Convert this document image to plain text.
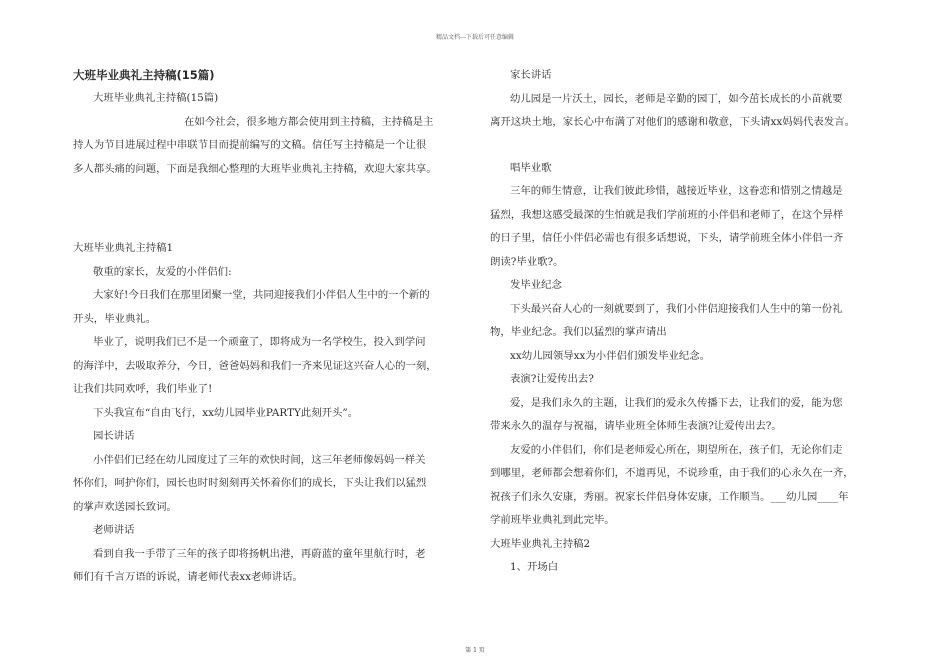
精品文档---下载后可任意编辑

大班毕业典礼主持稿(15篇)

大班毕业典礼主持稿(15篇)

在如今社会，很多地方都会使用到主持稿，主持稿是主

持人为节目进展过程中串联节目而提前编写的文稿。信任写主持稿是一个让很

多人都头痛的问题，下面是我细心整理的大班毕业典礼主持稿，欢迎大家共享。

大班毕业典礼主持稿1

敬重的家长，友爱的小伴侣们:

大家好!今日我们在那里团聚一堂，共同迎接我们小伴侣人生中的一个新的

开头，毕业典礼。

毕业了，说明我们已不是一个顽童了，即将成为一名学校生，投入到学问

的海洋中，去吸取养分，今日，爸爸妈妈和我们一齐来见证这兴奋人心的一刻，

让我们共同欢呼，我们毕业了!

下头我宣布“自由飞行，xx幼儿园毕业PARTY此刻开头”。

园长讲话

小伴侣们已经在幼儿园度过了三年的欢快时间，这三年老师像妈妈一样关

怀你们，呵护你们，园长也时时刻刻再关怀着你们的成长，下头让我们以猛烈

的掌声欢送园长致词。

老师讲话

看到自我一手带了三年的孩子即将扬帆出港，再蔚蓝的童年里航行时，老

师们有千言万语的诉说，请老师代表xx老师讲话。

家长讲话

幼儿园是一片沃土，园长，老师是辛勤的园丁，如今茁长成长的小苗就要

离开这块土地，家长心中布满了对他们的感谢和敬意，下头请xx妈妈代表发言。

唱毕业歌

三年的师生情意，让我们彼此珍惜，越接近毕业，这眷恋和惜别之情越是

猛烈，我想这感受最深的生怕就是我们学前班的小伴侣和老师了，在这个异样

的日子里，信任小伴侣必需也有很多话想说，下头，请学前班全体小伴侣一齐

朗读?毕业歌?。

发毕业纪念

下头最兴奋人心的一刻就要到了，我们小伴侣迎接我们人生中的第一份礼

物，毕业纪念。我们以猛烈的掌声请出

xx幼儿园领导xx为小伴侣们颁发毕业纪念。

表演?让爱传出去?

爱，是我们永久的主题，让我们的爱永久传播下去，让我们的爱，能为您

带来永久的温存与祝福，请毕业班全体师生表演?让爱传出去?。

友爱的小伴侣们，你们是老师爱心所在，期望所在，孩子们，无论你们走

到哪里，老师都会想着你们，不道再见，不说珍重，由于我们的心永久在一齐，

祝孩子们永久安康，秀丽。祝家长伴侣身体安康，工作顺当。___幼儿园____年

学前班毕业典礼到此完毕。

大班毕业典礼主持稿2

1、开场白

第 1 页
